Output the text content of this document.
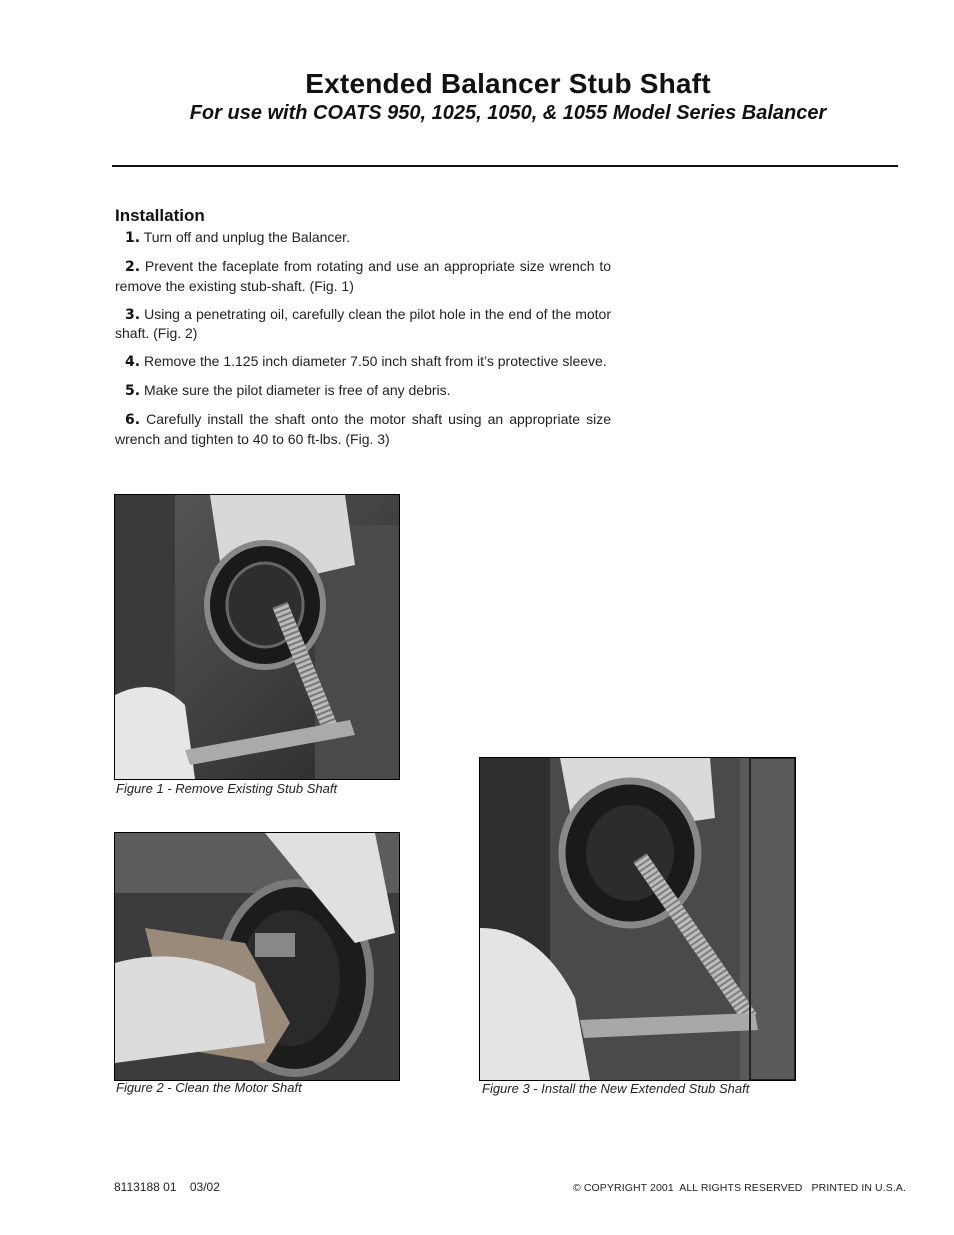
Extended Balancer Stub Shaft
For use with COATS 950, 1025, 1050, & 1055 Model Series Balancer
Installation

1. Turn off and unplug the Balancer.

2. Prevent the faceplate from rotating and use an appropriate size wrench to remove the existing stub-shaft. (Fig. 1)

3. Using a penetrating oil, carefully clean the pilot hole in the end of the motor shaft. (Fig. 2)

4. Remove the 1.125 inch diameter 7.50 inch shaft from it’s protective sleeve.

5. Make sure the pilot diameter is free of any debris.

6. Carefully install the shaft onto the motor shaft using an appropriate size wrench and tighten to 40 to 60 ft-lbs. (Fig. 3)

Figure 1 - Remove Existing Stub Shaft

Figure 2 - Clean the Motor Shaft	Figure 3 - Install the New Extended Stub Shaft

8113188 01    03/02	© COPYRIGHT 2001  ALL RIGHTS RESERVED   PRINTED IN U.S.A.
